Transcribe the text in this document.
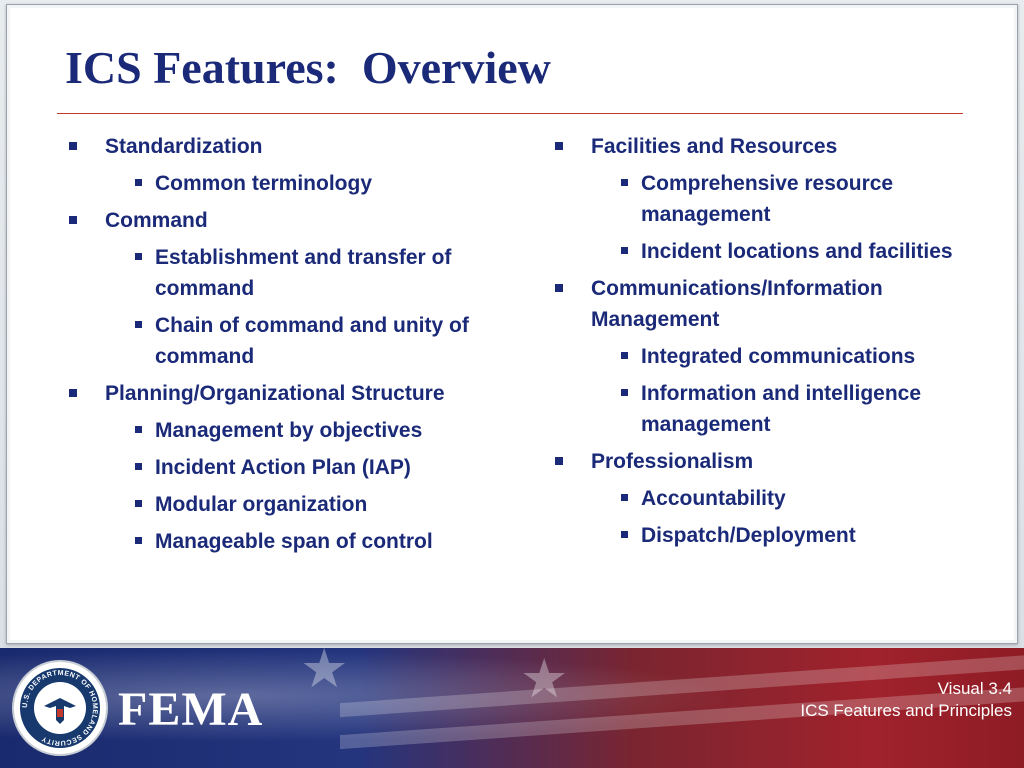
ICS Features:  Overview
Standardization
Common terminology
Command
Establishment and transfer of command
Chain of command and unity of command
Planning/Organizational Structure
Management by objectives
Incident Action Plan (IAP)
Modular organization
Manageable span of control
Facilities and Resources
Comprehensive resource management
Incident locations and facilities
Communications/Information Management
Integrated communications
Information and intelligence management
Professionalism
Accountability
Dispatch/Deployment
★	★
U.S. DEPARTMENT OF HOMELAND SECURITY
FEMA	Visual 3.4
ICS Features and Principles
